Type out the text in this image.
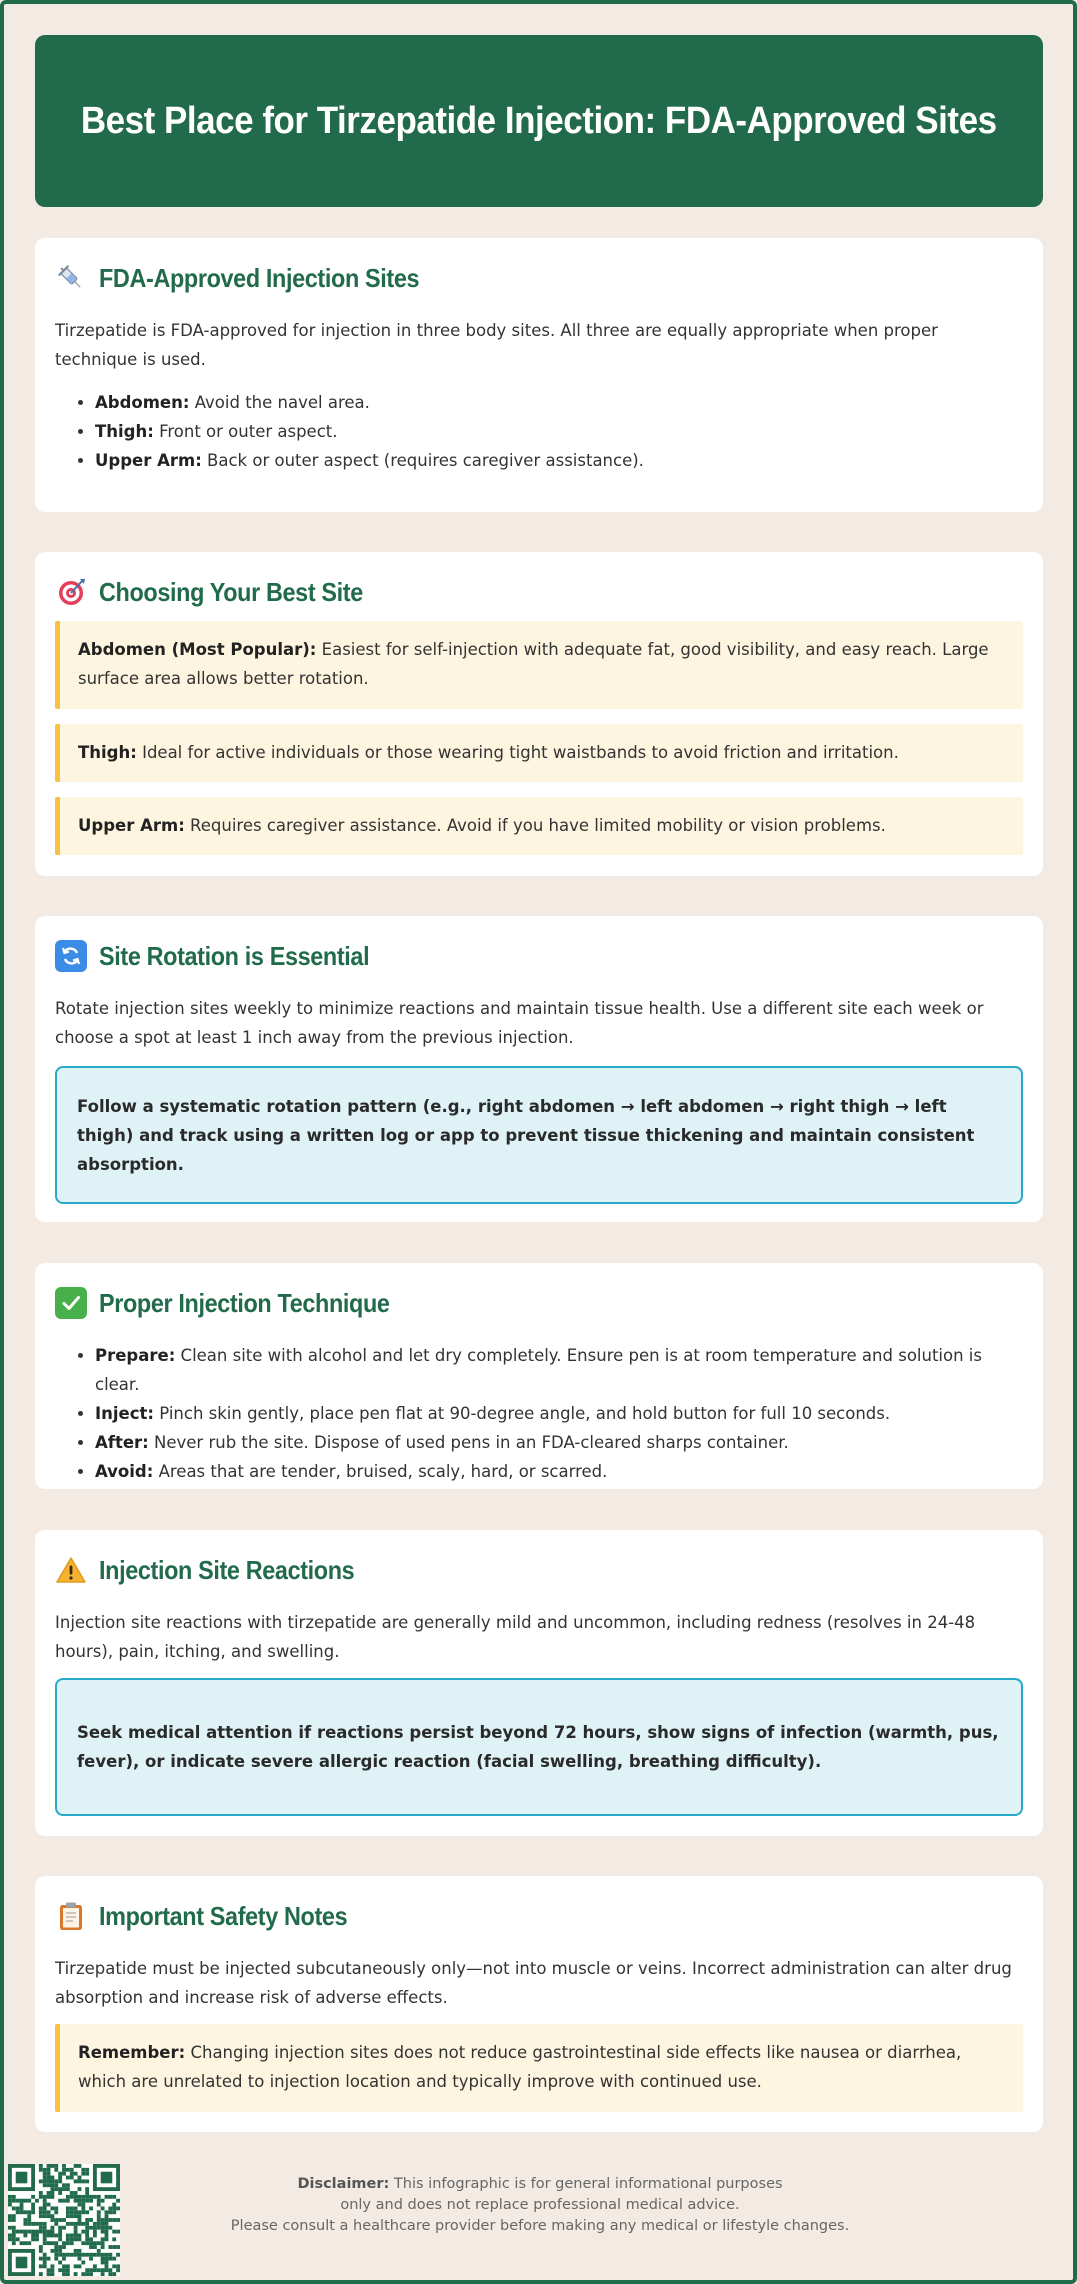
Best Place for Tirzepatide Injection: FDA-Approved Sites
FDA-Approved Injection Sites

Tirzepatide is FDA-approved for injection in three body sites. All three are equally appropriate when proper technique is used.

• Abdomen: Avoid the navel area.
• Thigh: Front or outer aspect.
• Upper Arm: Back or outer aspect (requires caregiver assistance).
Choosing Your Best Site
Abdomen (Most Popular): Easiest for self-injection with adequate fat, good visibility, and easy reach. Large surface area allows better rotation.
Thigh: Ideal for active individuals or those wearing tight waistbands to avoid friction and irritation.
Upper Arm: Requires caregiver assistance. Avoid if you have limited mobility or vision problems.
Site Rotation is Essential

Rotate injection sites weekly to minimize reactions and maintain tissue health. Use a different site each week or choose a spot at least 1 inch away from the previous injection.

Follow a systematic rotation pattern (e.g., right abdomen → left abdomen → right thigh → left thigh) and track using a written log or app to prevent tissue thickening and maintain consistent absorption.
Proper Injection Technique
• Prepare: Clean site with alcohol and let dry completely. Ensure pen is at room temperature and solution is clear.
• Inject: Pinch skin gently, place pen flat at 90-degree angle, and hold button for full 10 seconds.
• After: Never rub the site. Dispose of used pens in an FDA-cleared sharps container.
• Avoid: Areas that are tender, bruised, scaly, hard, or scarred.
Injection Site Reactions

Injection site reactions with tirzepatide are generally mild and uncommon, including redness (resolves in 24-48 hours), pain, itching, and swelling.

Seek medical attention if reactions persist beyond 72 hours, show signs of infection (warmth, pus, fever), or indicate severe allergic reaction (facial swelling, breathing difficulty).
Important Safety Notes

Tirzepatide must be injected subcutaneously only—not into muscle or veins. Incorrect administration can alter drug absorption and increase risk of adverse effects.

Remember: Changing injection sites does not reduce gastrointestinal side effects like nausea or diarrhea, which are unrelated to injection location and typically improve with continued use.
Disclaimer: This infographic is for general informational purposes
only and does not replace professional medical advice.
Please consult a healthcare provider before making any medical or lifestyle changes.
